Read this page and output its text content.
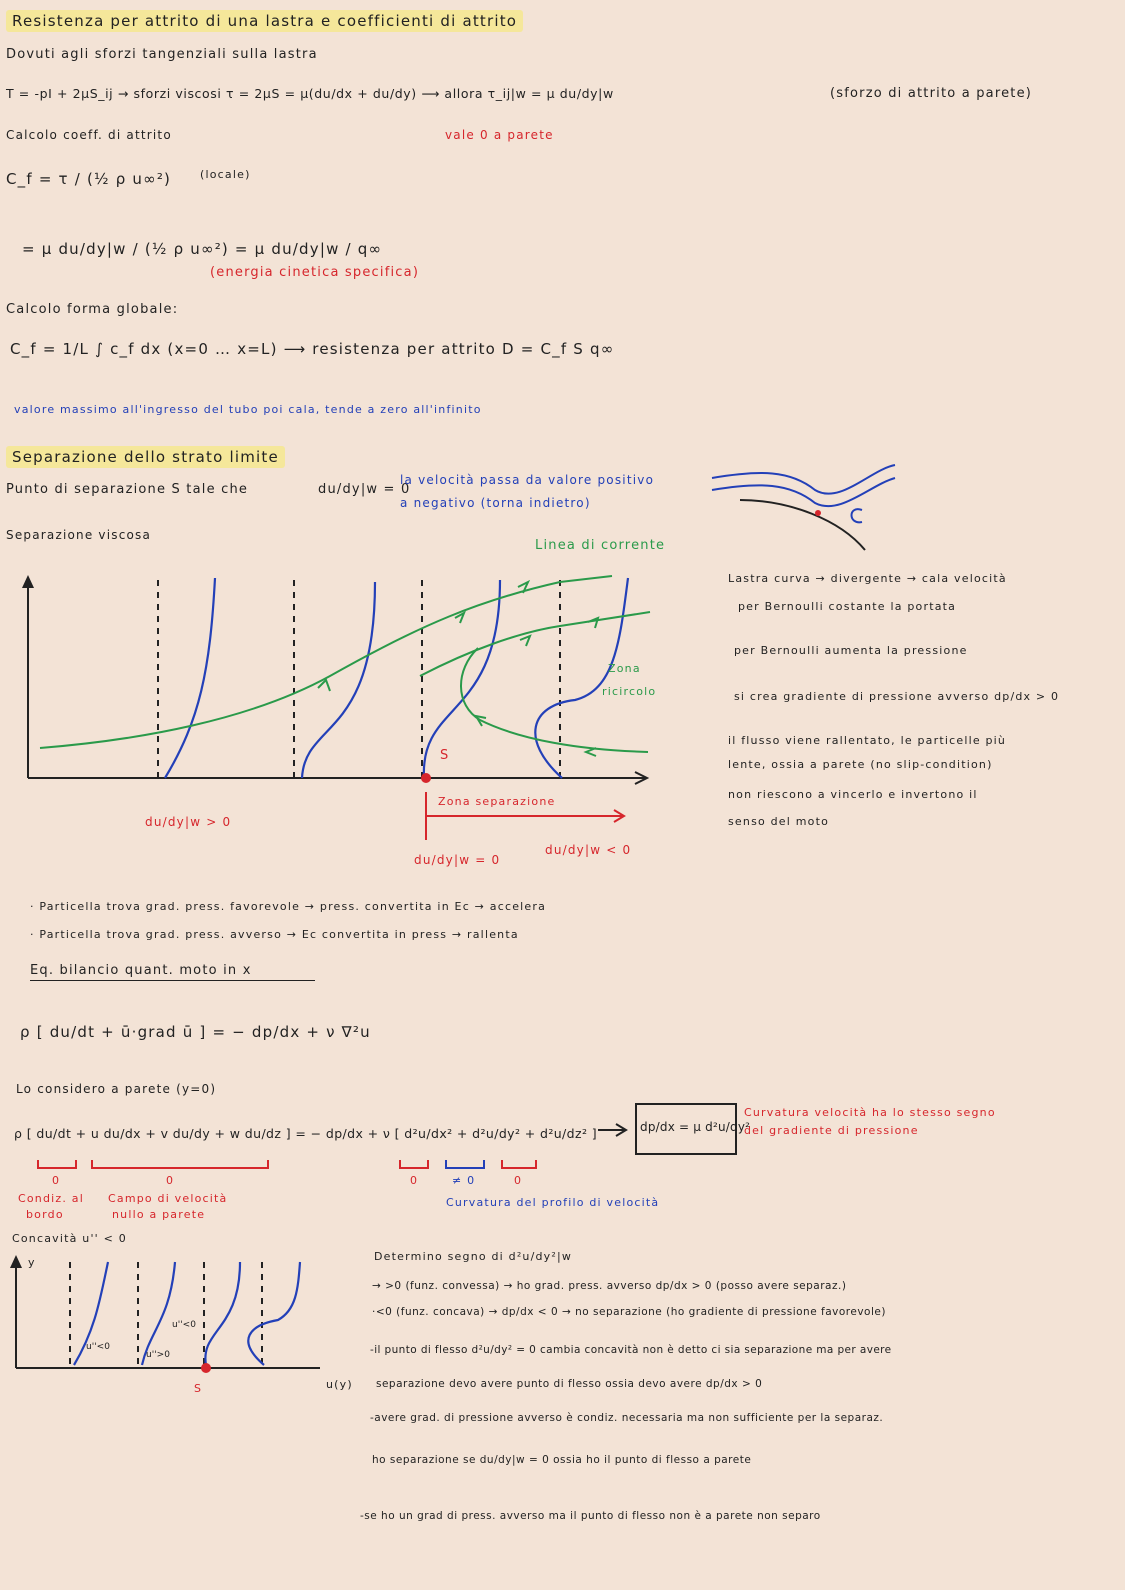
Resistenza per attrito di una lastra e coefficienti di attrito
Dovuti agli sforzi tangenziali sulla lastra
T = -pI + 2μS_ij → sforzi viscosi τ = 2μS = μ(du/dx + du/dy) ⟶ allora τ_ij|w = μ du/dy|w	(sforzo di attrito a parete)
vale 0 a parete
Calcolo coeff. di attrito
C_f = τ / (½ ρ u∞²)	(locale)
= μ du/dy|w / (½ ρ u∞²) = μ du/dy|w / q∞
(energia cinetica specifica)
Calcolo forma globale:
C_f = 1/L ∫ c_f dx (x=0 … x=L) ⟶ resistenza per attrito D = C_f S q∞
valore massimo all'ingresso del tubo poi cala, tende a zero all'infinito
Separazione dello strato limite
Punto di separazione S tale che	du/dy|w = 0
la velocità passa da valore positivo
a negativo (torna indietro)
Separazione viscosa
Linea di corrente
Zona
ricircolo
S
Zona separazione
du/dy|w > 0
du/dy|w = 0
du/dy|w < 0
Lastra curva → divergente → cala velocità
per Bernoulli costante la portata
per Bernoulli aumenta la pressione
si crea gradiente di pressione avverso dp/dx > 0
il flusso viene rallentato, le particelle più
lente, ossia a parete (no slip-condition)
non riescono a vincerlo e invertono il
senso del moto
· Particella trova grad. press. favorevole → press. convertita in Ec → accelera
· Particella trova grad. press. avverso → Ec convertita in press → rallenta
Eq. bilancio quant. moto in x
ρ [ du/dt + ū·grad ū ] = − dp/dx + ν ∇²u
Lo considero a parete (y=0)
ρ [ du/dt + u du/dx + v du/dy + w du/dz ] = − dp/dx + ν [ d²u/dx² + d²u/dy² + d²u/dz² ]
0	0	0	≠ 0	0
Condiz. al
bordo
Campo di velocità
nullo a parete
Curvatura del profilo di velocità
dp/dx = μ d²u/dy²
Curvatura velocità ha lo stesso segno
del gradiente di pressione
Concavità u'' < 0
y
u(y)
u''<0
u''>0
u''<0
S
Determino segno di d²u/dy²|w
→ >0 (funz. convessa) → ho grad. press. avverso dp/dx > 0 (posso avere separaz.)
·<0 (funz. concava) → dp/dx < 0 → no separazione (ho gradiente di pressione favorevole)
-il punto di flesso d²u/dy² = 0 cambia concavità non è detto ci sia separazione ma per avere
separazione devo avere punto di flesso ossia devo avere dp/dx > 0
-avere grad. di pressione avverso è condiz. necessaria ma non sufficiente per la separaz.
ho separazione se du/dy|w = 0 ossia ho il punto di flesso a parete
-se ho un grad di press. avverso ma il punto di flesso non è a parete non separo
